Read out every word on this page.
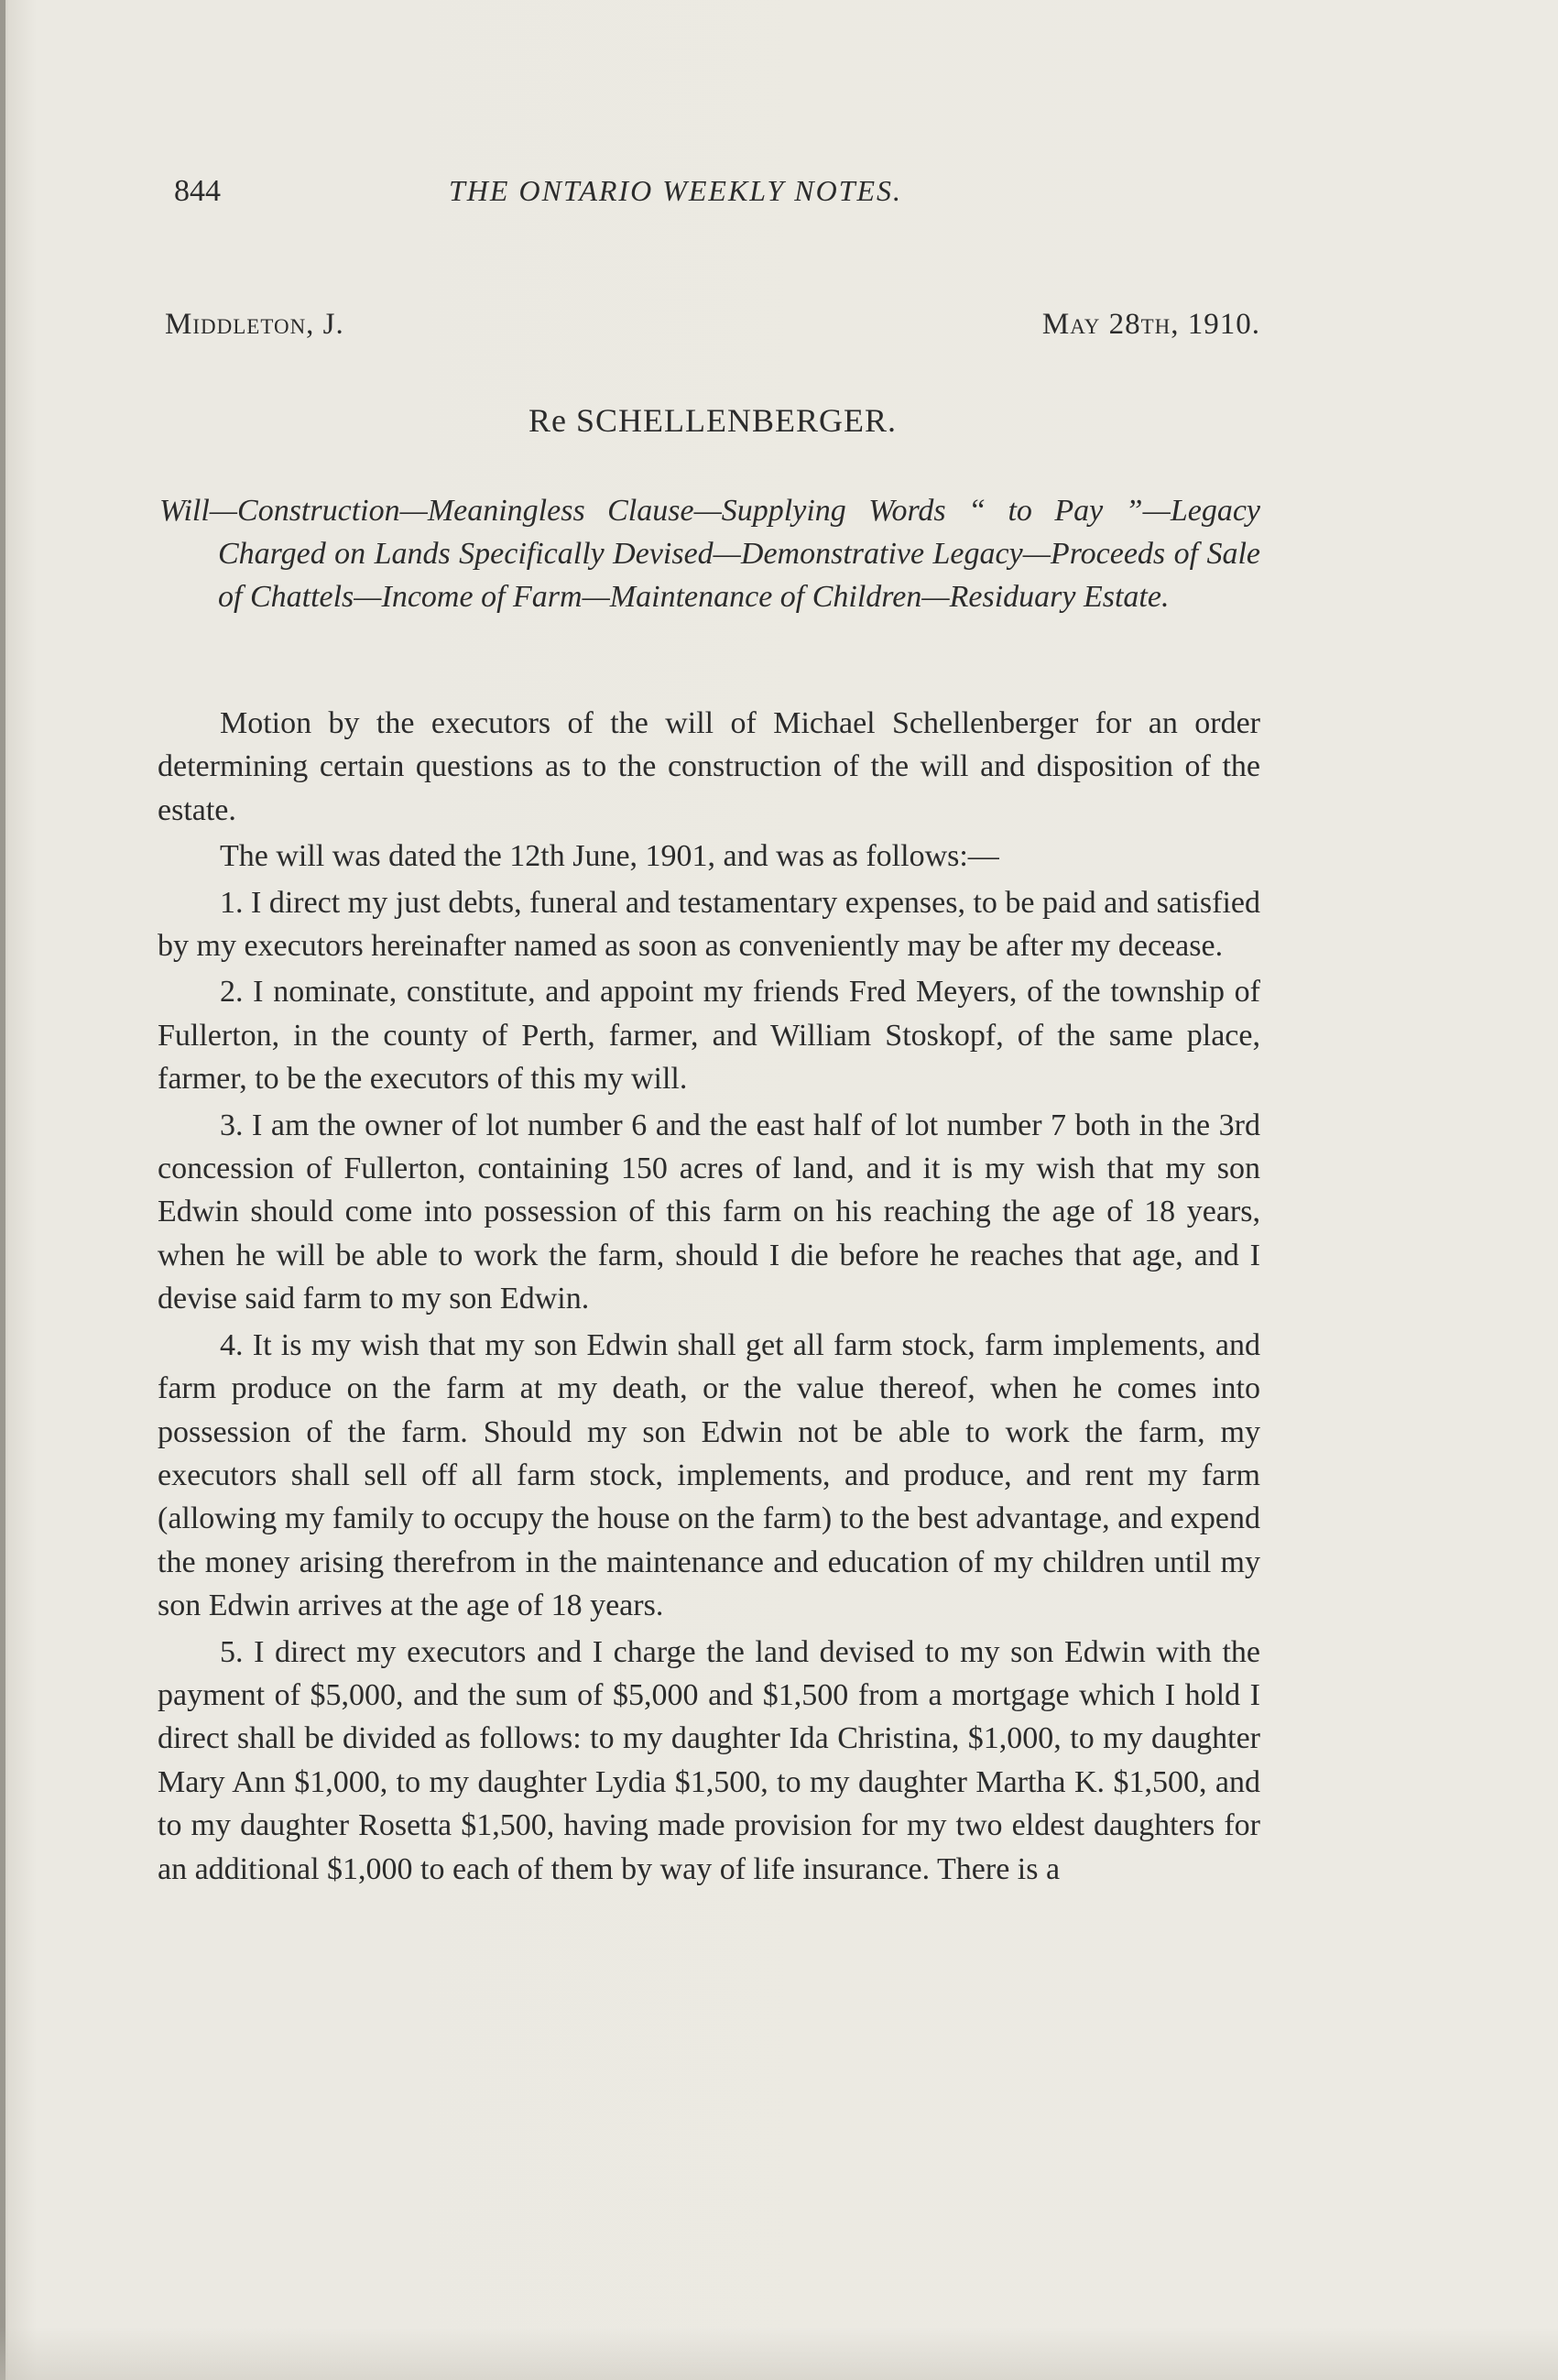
844	THE ONTARIO WEEKLY NOTES.
Middleton, J.	May 28th, 1910.
Re SCHELLENBERGER.
Will—Construction—Meaningless Clause—Supplying Words “ to Pay ”—Legacy Charged on Lands Specifically Devised—Demonstrative Legacy—Proceeds of Sale of Chattels—Income of Farm—Maintenance of Children—Residuary Estate.

Motion by the executors of the will of Michael Schellenberger for an order determining certain questions as to the construction of the will and disposition of the estate.

The will was dated the 12th June, 1901, and was as follows:—

1. I direct my just debts, funeral and testamentary expenses, to be paid and satisfied by my executors hereinafter named as soon as conveniently may be after my decease.

2. I nominate, constitute, and appoint my friends Fred Meyers, of the township of Fullerton, in the county of Perth, farmer, and William Stoskopf, of the same place, farmer, to be the executors of this my will.

3. I am the owner of lot number 6 and the east half of lot number 7 both in the 3rd concession of Fullerton, containing 150 acres of land, and it is my wish that my son Edwin should come into possession of this farm on his reaching the age of 18 years, when he will be able to work the farm, should I die before he reaches that age, and I devise said farm to my son Edwin.

4. It is my wish that my son Edwin shall get all farm stock, farm implements, and farm produce on the farm at my death, or the value thereof, when he comes into possession of the farm. Should my son Edwin not be able to work the farm, my executors shall sell off all farm stock, implements, and produce, and rent my farm (allowing my family to occupy the house on the farm) to the best advantage, and expend the money arising therefrom in the maintenance and education of my children until my son Edwin arrives at the age of 18 years.

5. I direct my executors and I charge the land devised to my son Edwin with the payment of $5,000, and the sum of $5,000 and $1,500 from a mortgage which I hold I direct shall be divided as follows: to my daughter Ida Christina, $1,000, to my daughter Mary Ann $1,000, to my daughter Lydia $1,500, to my daughter Martha K. $1,500, and to my daughter Rosetta $1,500, having made provision for my two eldest daughters for an additional $1,000 to each of them by way of life insurance. There is a
